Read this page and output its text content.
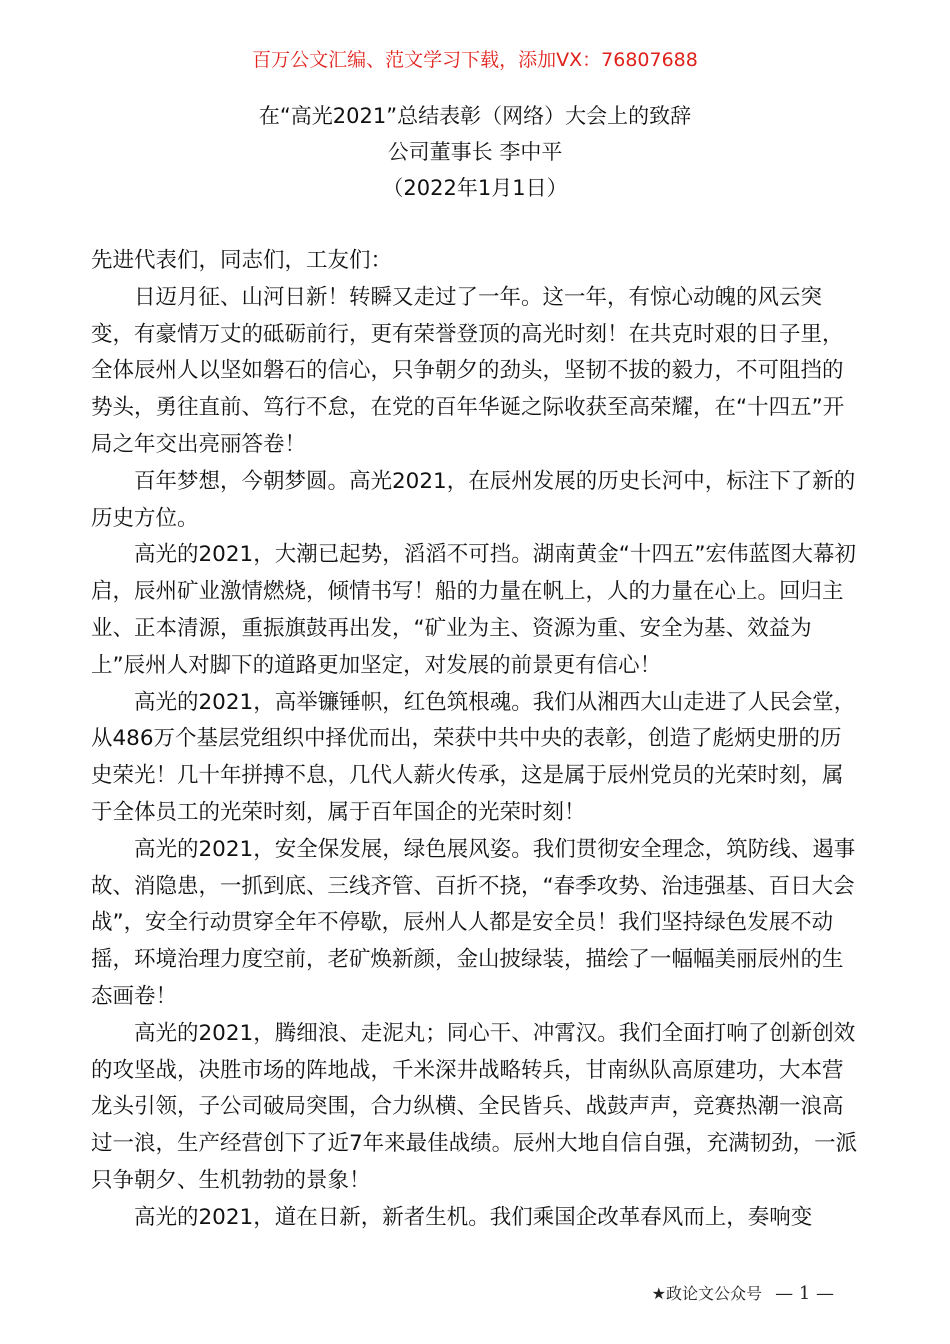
百万公文汇编、范文学习下载，添加VX：76807688
在“高光2021”总结表彰（网络）大会上的致辞
公司董事长 李中平
（2022年1月1日）

先进代表们，同志们，工友们：

日迈月征、山河日新！转瞬又走过了一年。这一年，有惊心动魄的风云突变，有豪情万丈的砥砺前行，更有荣誉登顶的高光时刻！在共克时艰的日子里，全体辰州人以坚如磐石的信心，只争朝夕的劲头，坚韧不拔的毅力，不可阻挡的势头，勇往直前、笃行不怠，在党的百年华诞之际收获至高荣耀，在“十四五”开局之年交出亮丽答卷！

百年梦想，今朝梦圆。高光2021，在辰州发展的历史长河中，标注下了新的历史方位。

高光的2021，大潮已起势，滔滔不可挡。湖南黄金“十四五”宏伟蓝图大幕初启，辰州矿业激情燃烧，倾情书写！船的力量在帆上，人的力量在心上。回归主业、正本清源，重振旗鼓再出发，“矿业为主、资源为重、安全为基、效益为上”辰州人对脚下的道路更加坚定，对发展的前景更有信心！

高光的2021，高举镰锤帜，红色筑根魂。我们从湘西大山走进了人民会堂，从486万个基层党组织中择优而出，荣获中共中央的表彰，创造了彪炳史册的历史荣光！几十年拼搏不息，几代人薪火传承，这是属于辰州党员的光荣时刻，属于全体员工的光荣时刻，属于百年国企的光荣时刻！

高光的2021，安全保发展，绿色展风姿。我们贯彻安全理念，筑防线、遏事故、消隐患，一抓到底、三线齐管、百折不挠，“春季攻势、治违强基、百日大会战”，安全行动贯穿全年不停歇，辰州人人都是安全员！我们坚持绿色发展不动摇，环境治理力度空前，老矿焕新颜，金山披绿装，描绘了一幅幅美丽辰州的生态画卷！

高光的2021，腾细浪、走泥丸；同心干、冲霄汉。我们全面打响了创新创效的攻坚战，决胜市场的阵地战，千米深井战略转兵，甘南纵队高原建功，大本营龙头引领，子公司破局突围，合力纵横、全民皆兵、战鼓声声，竞赛热潮一浪高过一浪，生产经营创下了近7年来最佳战绩。辰州大地自信自强，充满韧劲，一派只争朝夕、生机勃勃的景象！

高光的2021，道在日新，新者生机。我们乘国企改革春风而上，奏响变

★政论文公众号 — 1 —
